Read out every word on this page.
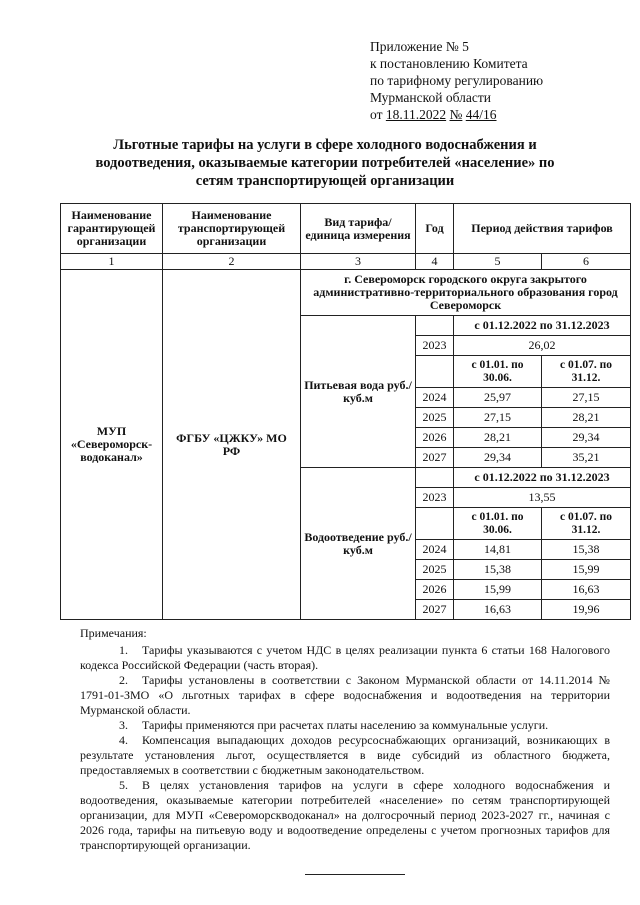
Приложение № 5
к постановлению Комитета
по тарифному регулированию
Мурманской области
от 18.11.2022 № 44/16
Льготные тарифы на услуги в сфере холодного водоснабжения и
водоотведения, оказываемые категории потребителей «население» по
сетям транспортирующей организации
Наименование гарантирующей организации	Наименование транспортирующей организации	Вид тарифа/ единица измерения	Год	Период действия тарифов	
1	2	3	4	5	6
МУП «Североморск-водоканал»	ФГБУ «ЦЖКУ» МО РФ	г. Североморск городского округа закрытого административно-территориального образования город Североморск			
		Питьевая вода руб./куб.м		с 01.12.2022 по 31.12.2023	
			2023	26,02	
				с 01.01. по 30.06.	с 01.07. по 31.12.

			2024	25,97	27,15
			2025	27,15	28,21
			2026	28,21	29,34
			2027	29,34	35,21
		Водоотведение руб./куб.м		с 01.12.2022 по 31.12.2023	
			2023	13,55	
				с 01.01. по 30.06.	с 01.07. по 31.12.

			2024	14,81	15,38
			2025	15,38	15,99
			2026	15,99	16,63
			2027	16,63	19,96
Примечания:

1. Тарифы указываются с учетом НДС в целях реализации пункта 6 статьи 168 Налогового кодекса Российской Федерации (часть вторая).

2. Тарифы установлены в соответствии с Законом Мурманской области от 14.11.2014 № 1791-01-ЗМО «О льготных тарифах в сфере водоснабжения и водоотведения на территории Мурманской области.

3. Тарифы применяются при расчетах платы населению за коммунальные услуги.

4. Компенсация выпадающих доходов ресурсоснабжающих организаций, возникающих в результате установления льгот, осуществляется в виде субсидий из областного бюджета, предоставляемых в соответствии с бюджетным законодательством.

5. В целях установления тарифов на услуги в сфере холодного водоснабжения и водоотведения, оказываемые категории потребителей «население» по сетям транспортирующей организации, для МУП «Североморскводоканал» на долгосрочный период 2023-2027 гг., начиная с 2026 года, тарифы на питьевую воду и водоотведение определены с учетом прогнозных тарифов для транспортирующей организации.
